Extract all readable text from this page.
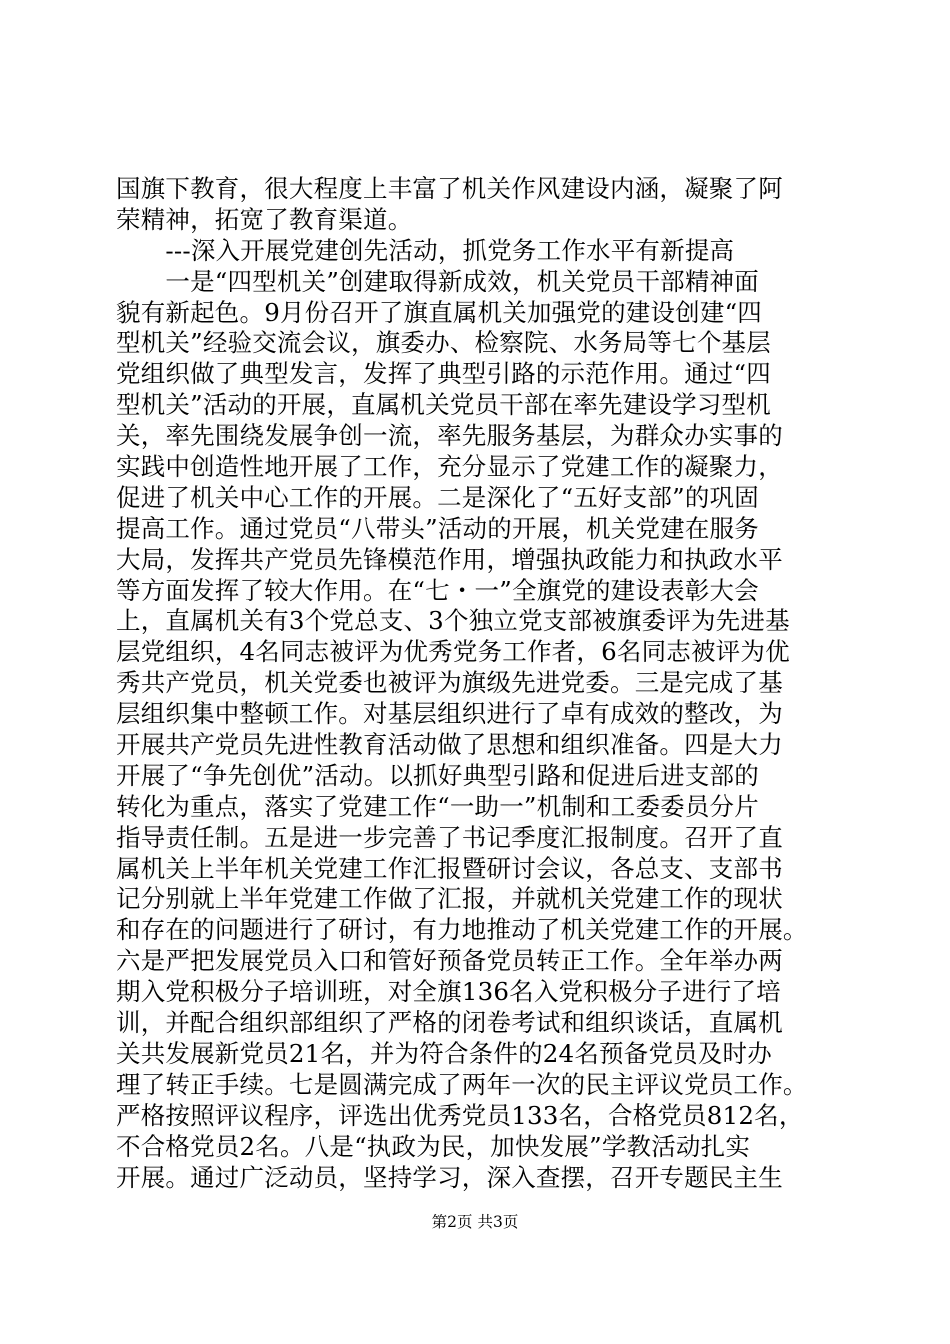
国旗下教育，很大程度上丰富了机关作风建设内涵，凝聚了阿
荣精神，拓宽了教育渠道。
　　---深入开展党建创先活动，抓党务工作水平有新提高
　　一是“四型机关”创建取得新成效，机关党员干部精神面
貌有新起色。9月份召开了旗直属机关加强党的建设创建“四
型机关”经验交流会议，旗委办、检察院、水务局等七个基层
党组织做了典型发言，发挥了典型引路的示范作用。通过“四
型机关”活动的开展，直属机关党员干部在率先建设学习型机
关，率先围绕发展争创一流，率先服务基层，为群众办实事的
实践中创造性地开展了工作，充分显示了党建工作的凝聚力，
促进了机关中心工作的开展。二是深化了“五好支部”的巩固
提高工作。通过党员“八带头”活动的开展，机关党建在服务
大局，发挥共产党员先锋模范作用，增强执政能力和执政水平
等方面发挥了较大作用。在“七・一”全旗党的建设表彰大会
上，直属机关有3个党总支、3个独立党支部被旗委评为先进基
层党组织，4名同志被评为优秀党务工作者，6名同志被评为优
秀共产党员，机关党委也被评为旗级先进党委。三是完成了基
层组织集中整顿工作。对基层组织进行了卓有成效的整改，为
开展共产党员先进性教育活动做了思想和组织准备。四是大力
开展了“争先创优”活动。以抓好典型引路和促进后进支部的
转化为重点，落实了党建工作“一助一”机制和工委委员分片
指导责任制。五是进一步完善了书记季度汇报制度。召开了直
属机关上半年机关党建工作汇报暨研讨会议，各总支、支部书
记分别就上半年党建工作做了汇报，并就机关党建工作的现状
和存在的问题进行了研讨，有力地推动了机关党建工作的开展。
六是严把发展党员入口和管好预备党员转正工作。全年举办两
期入党积极分子培训班，对全旗136名入党积极分子进行了培
训，并配合组织部组织了严格的闭卷考试和组织谈话，直属机
关共发展新党员21名，并为符合条件的24名预备党员及时办
理了转正手续。七是圆满完成了两年一次的民主评议党员工作。
严格按照评议程序，评选出优秀党员133名，合格党员812名，
不合格党员2名。八是“执政为民，加快发展”学教活动扎实
开展。通过广泛动员，坚持学习，深入查摆，召开专题民主生
第2页 共3页
